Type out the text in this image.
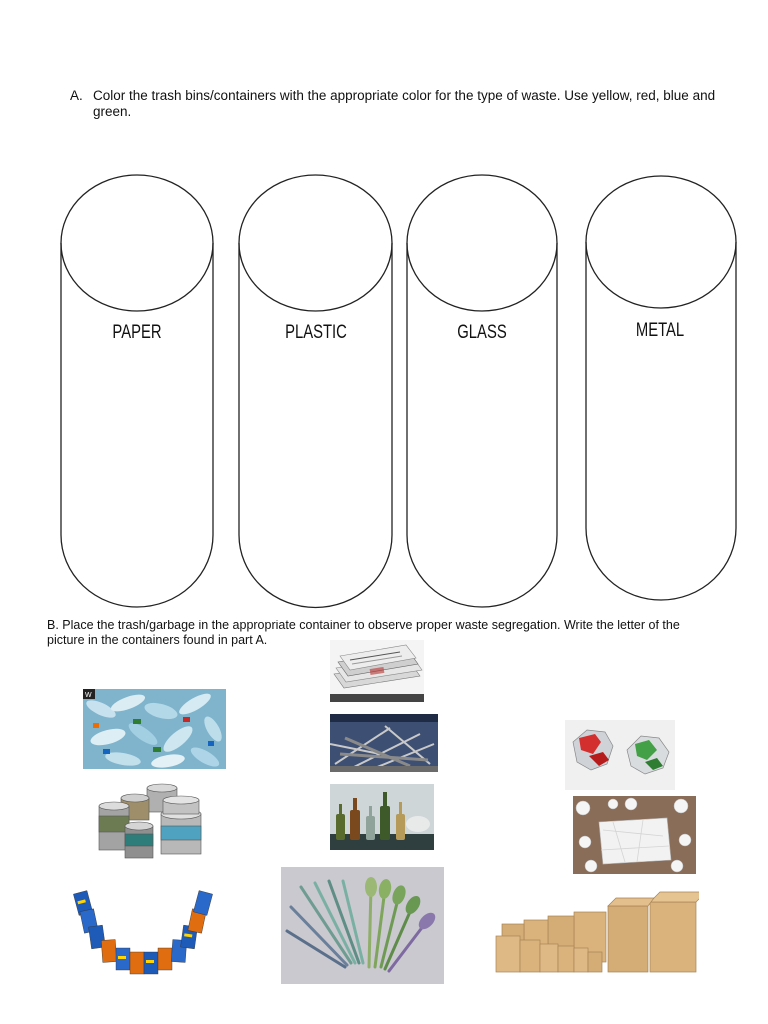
A. Color the trash bins/containers with the appropriate color for the type of waste. Use yellow, red, blue and green.
PAPER	PLASTIC	GLASS	METAL
B. Place the trash/garbage in the appropriate container to observe proper waste segregation. Write the letter of the picture in the containers found in part A.
W
